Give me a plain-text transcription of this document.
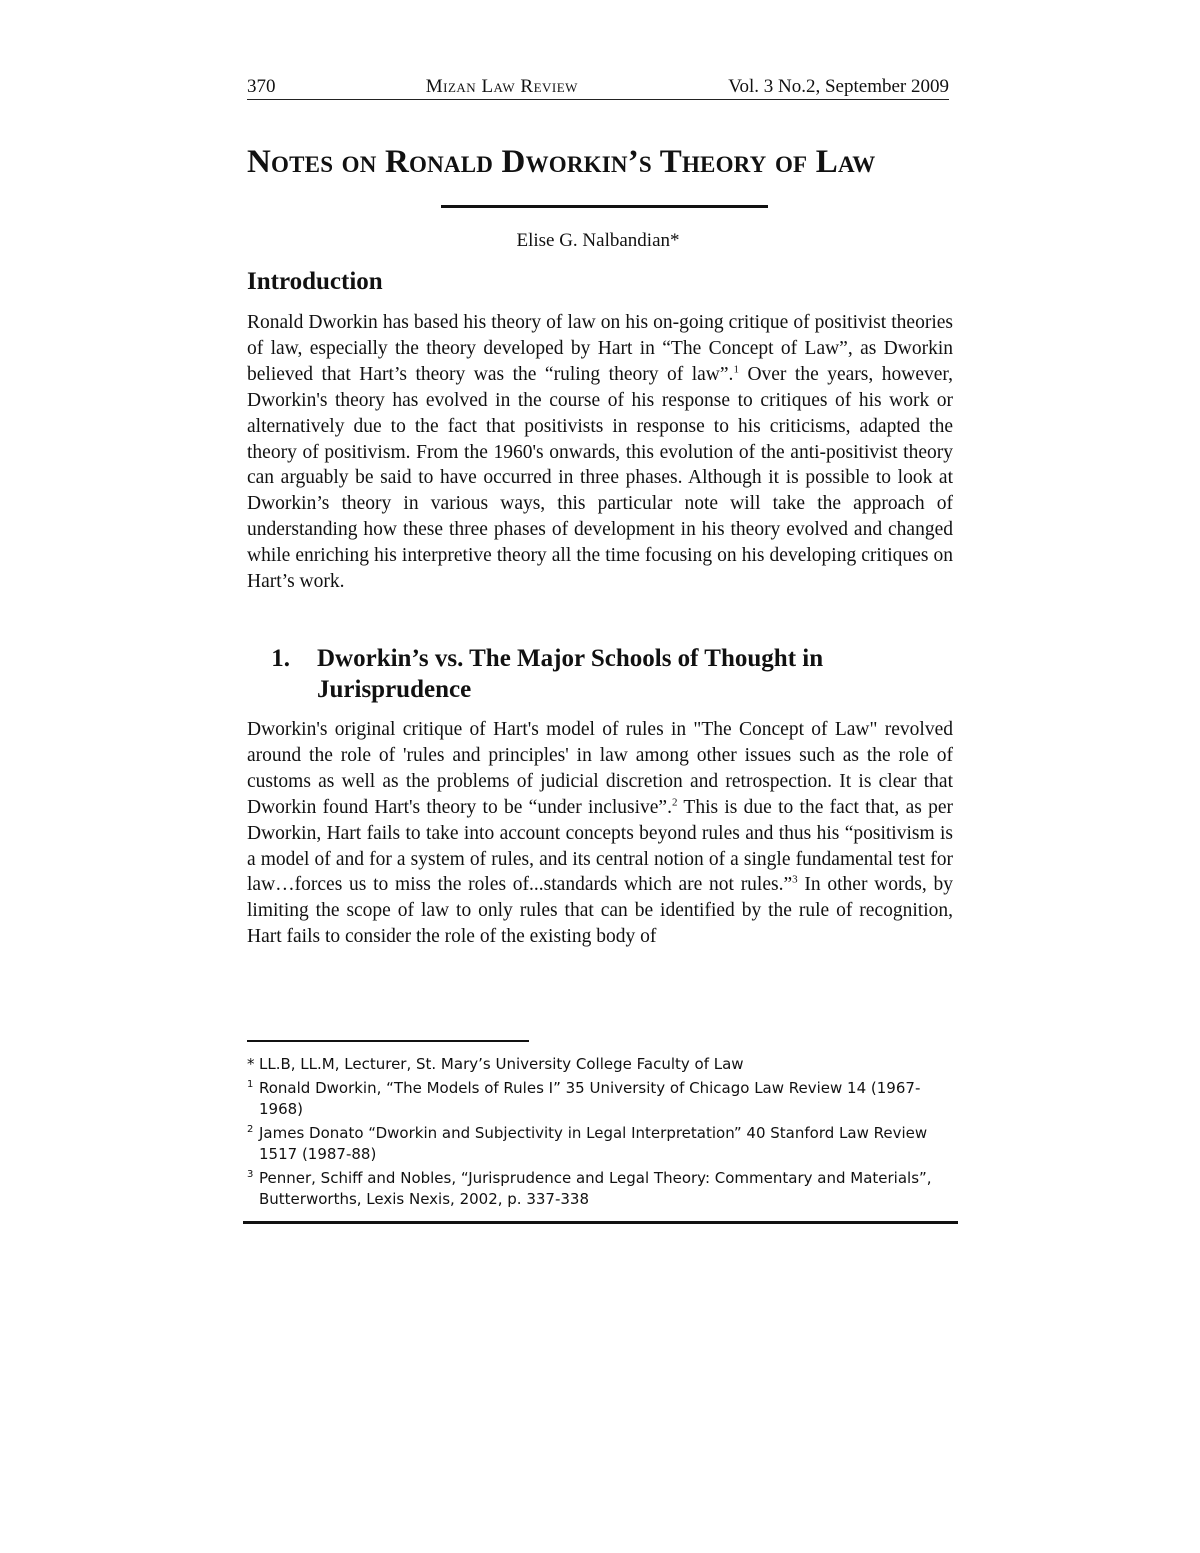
370	Mizan Law Review	Vol. 3 No.2, September 2009
Notes on Ronald Dworkin’s Theory of Law
Elise G. Nalbandian*
Introduction

Ronald Dworkin has based his theory of law on his on-going critique of positivist theories of law, especially the theory developed by Hart in “The Concept of Law”, as Dworkin believed that Hart’s theory was the “ruling theory of law”.$^1$ Over the years, however, Dworkin's theory has evolved in the course of his response to critiques of his work or alternatively due to the fact that positivists in response to his criticisms, adapted the theory of positivism. From the 1960's onwards, this evolution of the anti-positivist theory can arguably be said to have occurred in three phases. Although it is possible to look at Dworkin’s theory in various ways, this particular note will take the approach of understanding how these three phases of development in his theory evolved and changed while enriching his interpretive theory all the time focusing on his developing critiques on Hart’s work.

1.	Dworkin’s vs. The Major Schools of Thought in Jurisprudence

Dworkin's original critique of Hart's model of rules in "The Concept of Law" revolved around the role of 'rules and principles' in law among other issues such as the role of customs as well as the problems of judicial discretion and retrospection. It is clear that Dworkin found Hart's theory to be “under inclusive”.$^2$ This is due to the fact that, as per Dworkin, Hart fails to take into account concepts beyond rules and thus his “positivism is a model of and for a system of rules, and its central notion of a single fundamental test for law…forces us to miss the roles of...standards which are not rules.”$^3$ In other words, by limiting the scope of law to only rules that can be identified by the rule of recognition, Hart fails to consider the role of the existing body of

* LL.B, LL.M, Lecturer, St. Mary’s University College Faculty of Law

$^1$ Ronald Dworkin, “The Models of Rules I” 35 University of Chicago Law Review 14 (1967-1968)

$^2$ James Donato “Dworkin and Subjectivity in Legal Interpretation” 40 Stanford Law Review 1517 (1987-88)

$^3$ Penner, Schiff and Nobles, “Jurisprudence and Legal Theory: Commentary and Materials”, Butterworths, Lexis Nexis, 2002, p. 337-338
